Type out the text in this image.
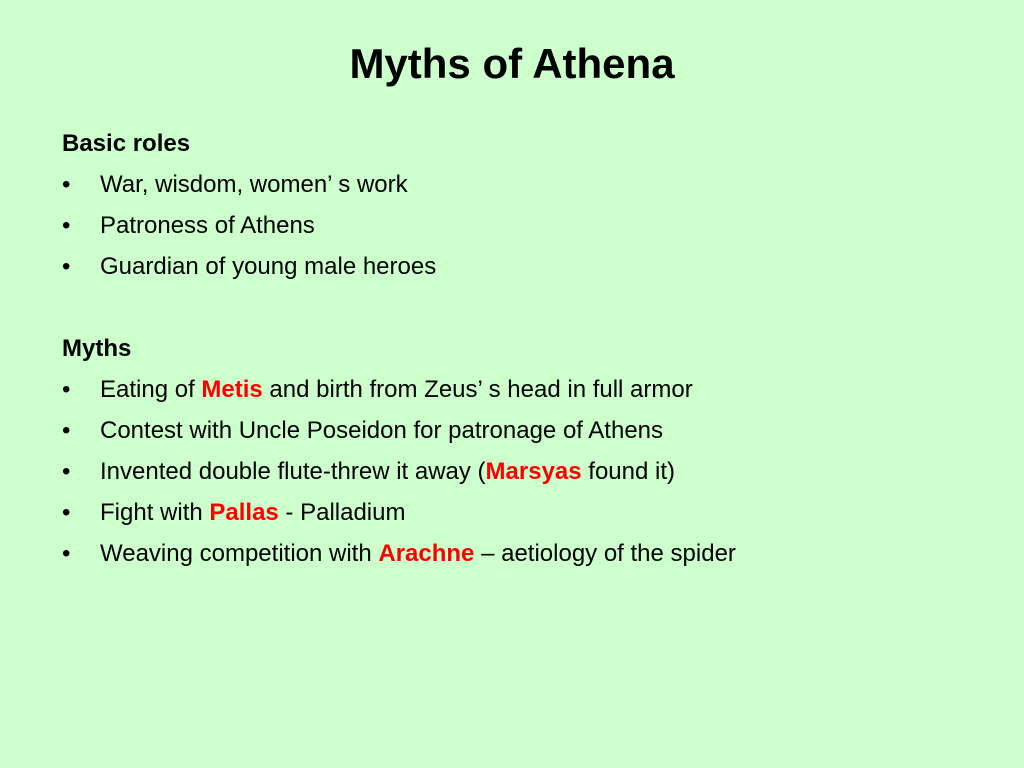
Myths of Athena
Basic roles
• War, wisdom, women’ s work
• Patroness of Athens
• Guardian of young male heroes
Myths
• Eating of Metis and birth from Zeus’ s head in full armor
• Contest with Uncle Poseidon for patronage of Athens
• Invented double flute-threw it away (Marsyas found it)
• Fight with Pallas - Palladium
• Weaving competition with Arachne – aetiology of the spider
